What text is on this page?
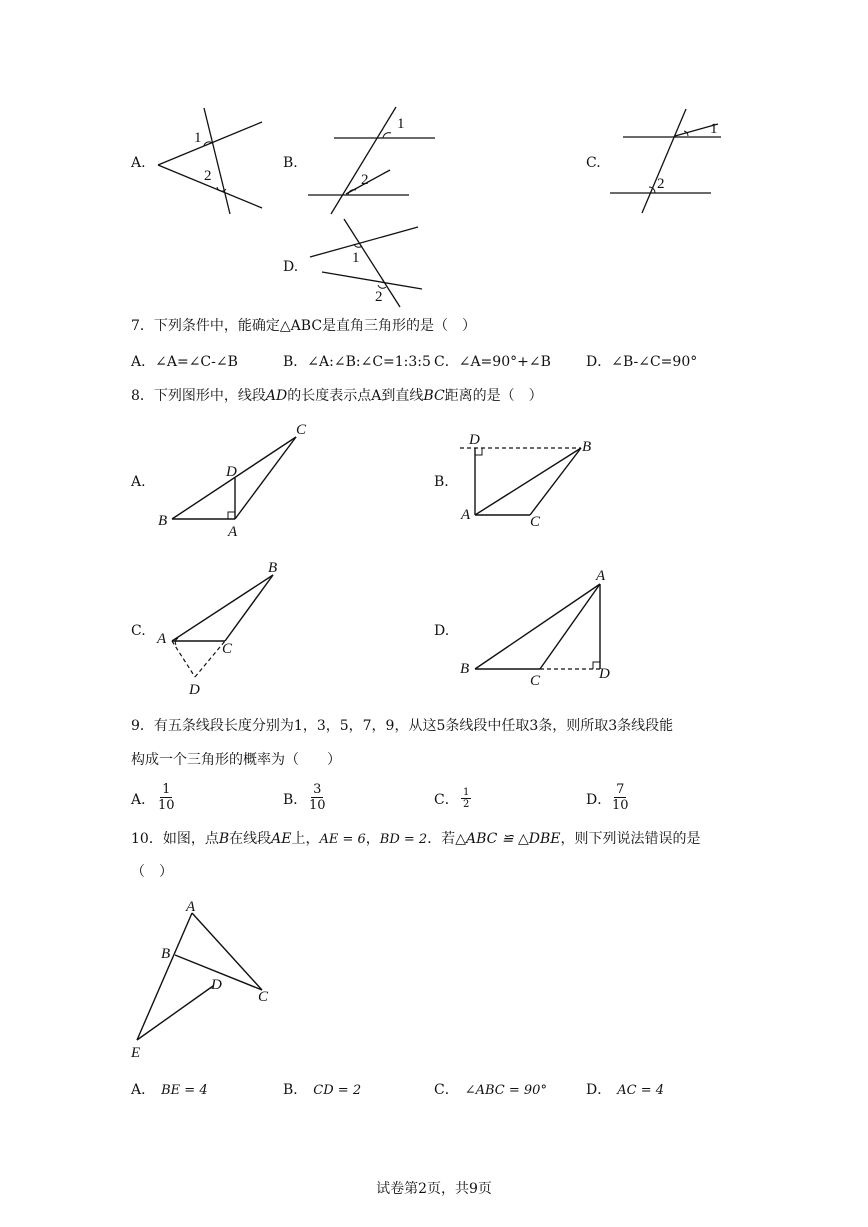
A.
1
2
B.
1
2
C.
1
2
D.
1
2
7．下列条件中，能确定△ABC是直角三角形的是（　）
A．∠A=∠C-∠B	B．∠A:∠B:∠C=1:3:5 C．∠A=90°+∠B	D．∠B-∠C=90°
8．下列图形中，线段AD的长度表示点A到直线BC距离的是（　）
A.
C
D
B
A
B.
D	B
A	C
C.
B
A
C
D
D.
A
B
C	D
9．有五条线段长度分别为1，3，5，7，9，从这5条线段中任取3条，则所取3条线段能
构成一个三角形的概率为（　　）
A． $\frac{1}{10}$	B． $\frac{3}{10}$	C． $\frac{1}{2}$	D． $\frac{7}{10}$
10．如图，点B在线段AE上，AE = 6，BD = 2．若△ABC ≌ △DBE，则下列说法错误的是
（　）
A
B
D
C
E
A． BE = 4	B． CD = 2	C． ∠ABC = 90°	D． AC = 4
试卷第2页，共9页
